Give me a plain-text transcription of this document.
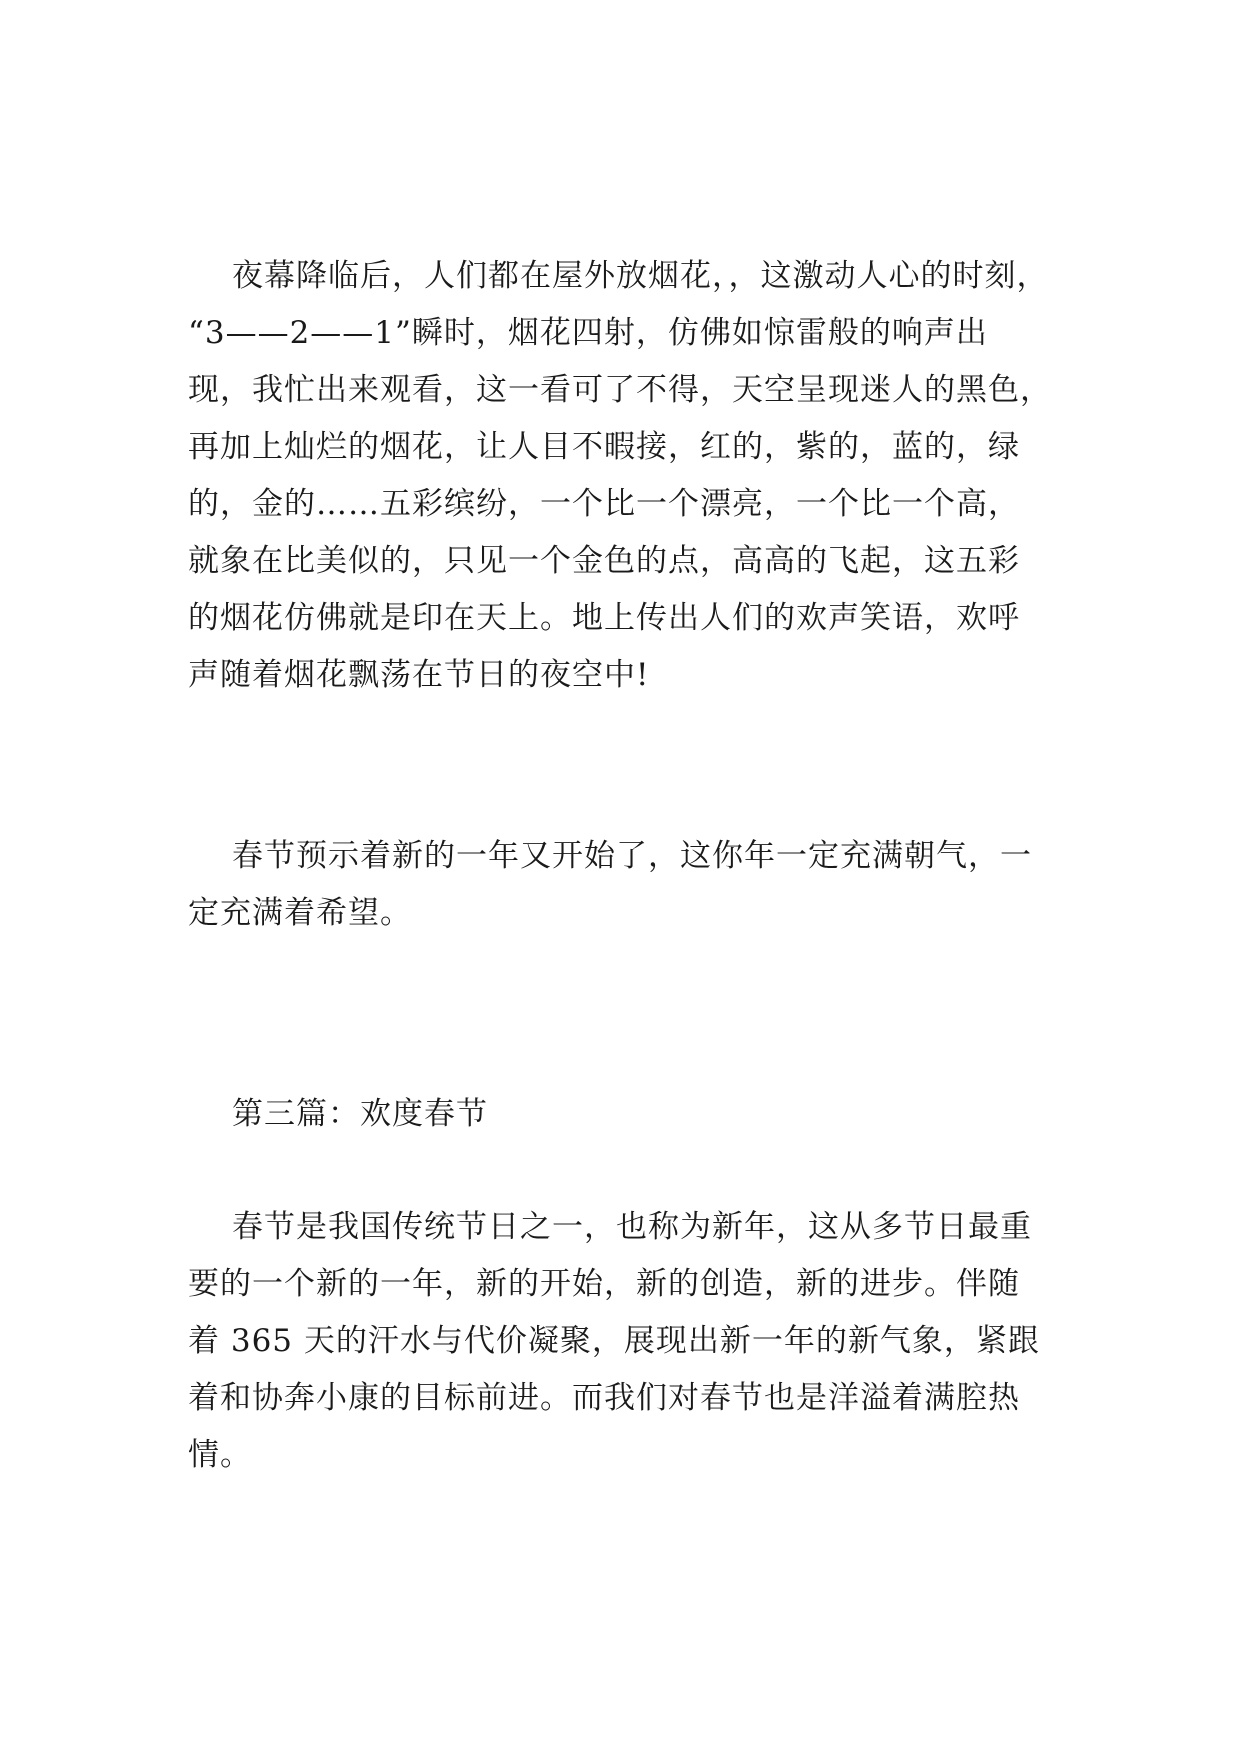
夜幕降临后，人们都在屋外放烟花，，这激动人心的时刻，
“3——2——1”瞬时，烟花四射，仿佛如惊雷般的响声出
现，我忙出来观看，这一看可了不得，天空呈现迷人的黑色，
再加上灿烂的烟花，让人目不暇接，红的，紫的，蓝的，绿
的，金的……五彩缤纷，一个比一个漂亮，一个比一个高，
就象在比美似的，只见一个金色的点，高高的飞起，这五彩
的烟花仿佛就是印在天上。地上传出人们的欢声笑语，欢呼
声随着烟花飘荡在节日的夜空中!
春节预示着新的一年又开始了，这你年一定充满朝气，一
定充满着希望。
第三篇：欢度春节
春节是我国传统节日之一，也称为新年，这从多节日最重
要的一个新的一年，新的开始，新的创造，新的进步。伴随
着 365 天的汗水与代价凝聚，展现出新一年的新气象，紧跟
着和协奔小康的目标前进。而我们对春节也是洋溢着满腔热
情。
